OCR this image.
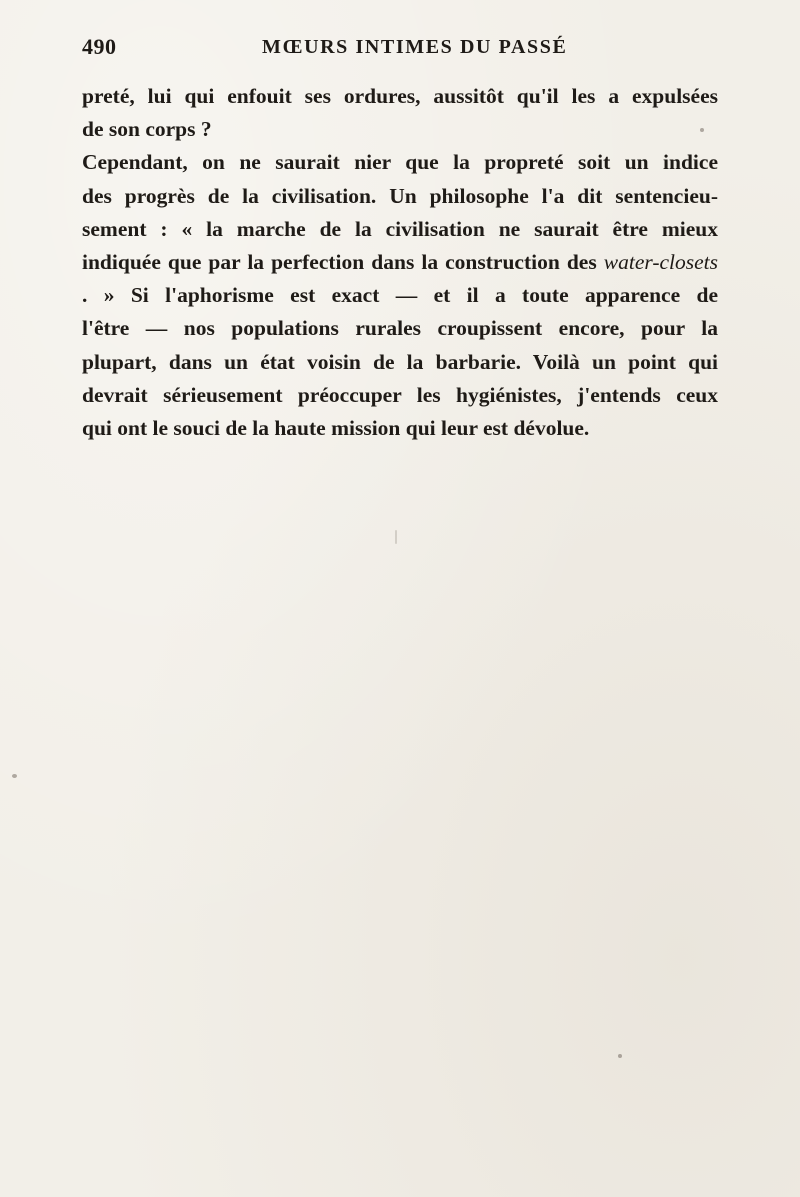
490	MŒURS INTIMES DU PASSÉ
preté, lui qui enfouit ses ordures, aussitôt qu'il les a expulsées
de son corps ?
Cependant, on ne saurait nier que la propreté soit un indice
des progrès de la civilisation. Un philosophe l'a dit sentencieu-
sement : « la marche de la civilisation ne saurait être mieux
indiquée que par la perfection dans la construction des water-closets
. » Si l'aphorisme est exact — et il a toute apparence de
l'être — nos populations rurales croupissent encore, pour la
plupart, dans un état voisin de la barbarie. Voilà un point qui
devrait sérieusement préoccuper les hygiénistes, j'entends ceux
qui ont le souci de la haute mission qui leur est dévolue.
